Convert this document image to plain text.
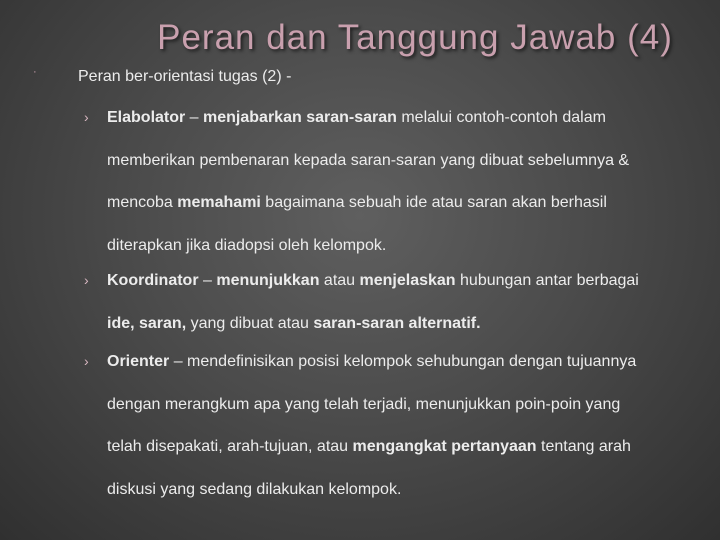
Peran dan Tanggung Jawab (4)
·	Peran ber-orientasi tugas (2) -
› Elabolator – menjabarkan saran-saran melalui contoh-contoh dalam
memberikan pembenaran kepada saran-saran yang dibuat sebelumnya &
mencoba memahami bagaimana sebuah ide atau saran akan berhasil
diterapkan jika diadopsi oleh kelompok.
› Koordinator – menunjukkan atau menjelaskan hubungan antar berbagai
ide, saran, yang dibuat atau saran-saran alternatif.
› Orienter – mendefinisikan posisi kelompok sehubungan dengan tujuannya
dengan merangkum apa yang telah terjadi, menunjukkan poin-poin yang
telah disepakati, arah-tujuan, atau mengangkat pertanyaan tentang arah
diskusi yang sedang dilakukan kelompok.
